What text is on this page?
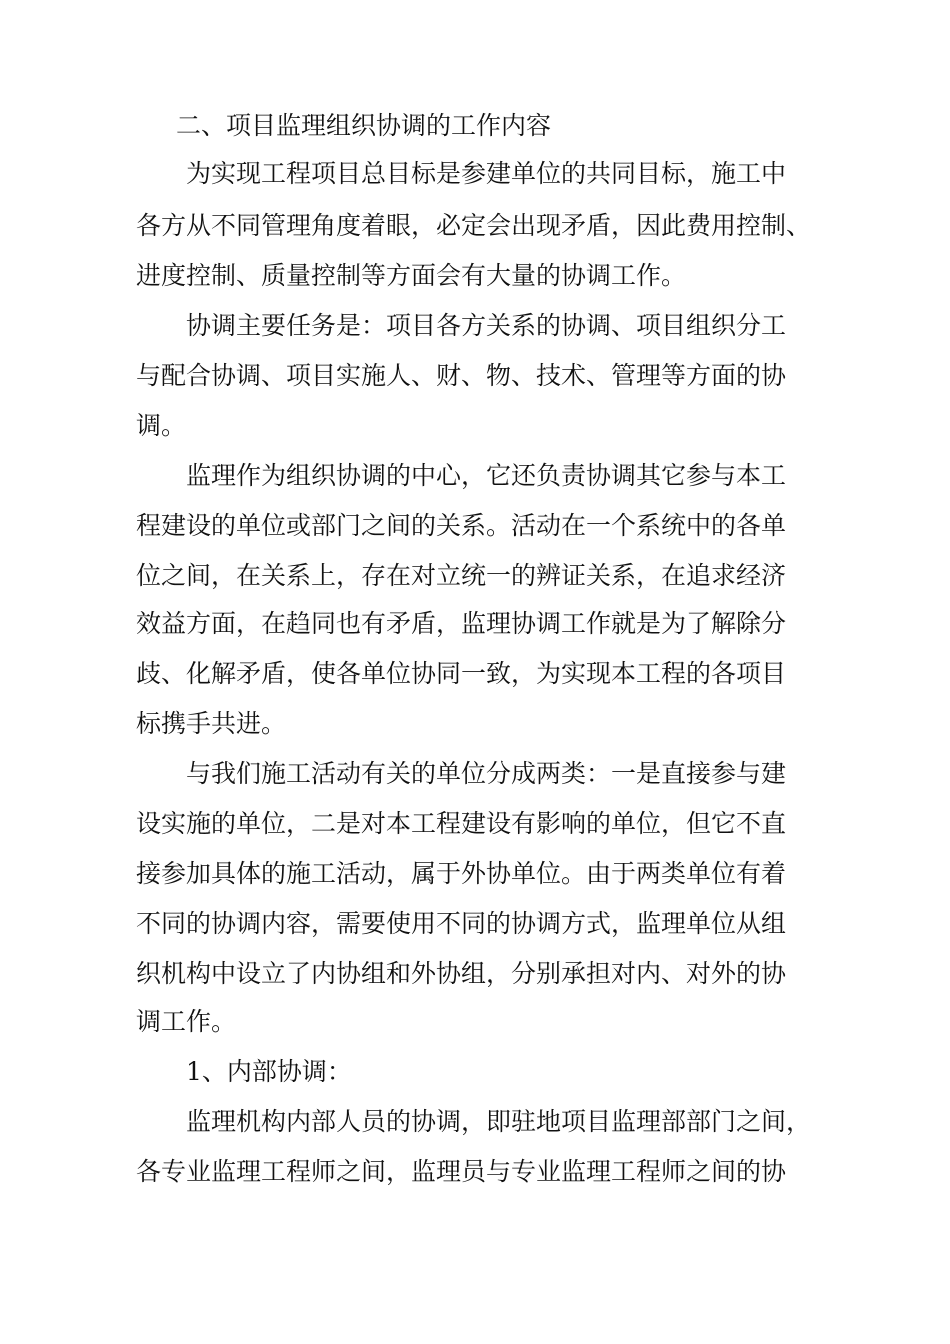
二、项目监理组织协调的工作内容
为实现工程项目总目标是参建单位的共同目标，施工中
各方从不同管理角度着眼，必定会出现矛盾，因此费用控制、
进度控制、质量控制等方面会有大量的协调工作。
协调主要任务是：项目各方关系的协调、项目组织分工
与配合协调、项目实施人、财、物、技术、管理等方面的协
调。
监理作为组织协调的中心，它还负责协调其它参与本工
程建设的单位或部门之间的关系。活动在一个系统中的各单
位之间，在关系上，存在对立统一的辨证关系，在追求经济
效益方面，在趋同也有矛盾，监理协调工作就是为了解除分
歧、化解矛盾，使各单位协同一致，为实现本工程的各项目
标携手共进。
与我们施工活动有关的单位分成两类：一是直接参与建
设实施的单位，二是对本工程建设有影响的单位，但它不直
接参加具体的施工活动，属于外协单位。由于两类单位有着
不同的协调内容，需要使用不同的协调方式，监理单位从组
织机构中设立了内协组和外协组，分别承担对内、对外的协
调工作。
1、内部协调：
监理机构内部人员的协调，即驻地项目监理部部门之间，
各专业监理工程师之间，监理员与专业监理工程师之间的协
